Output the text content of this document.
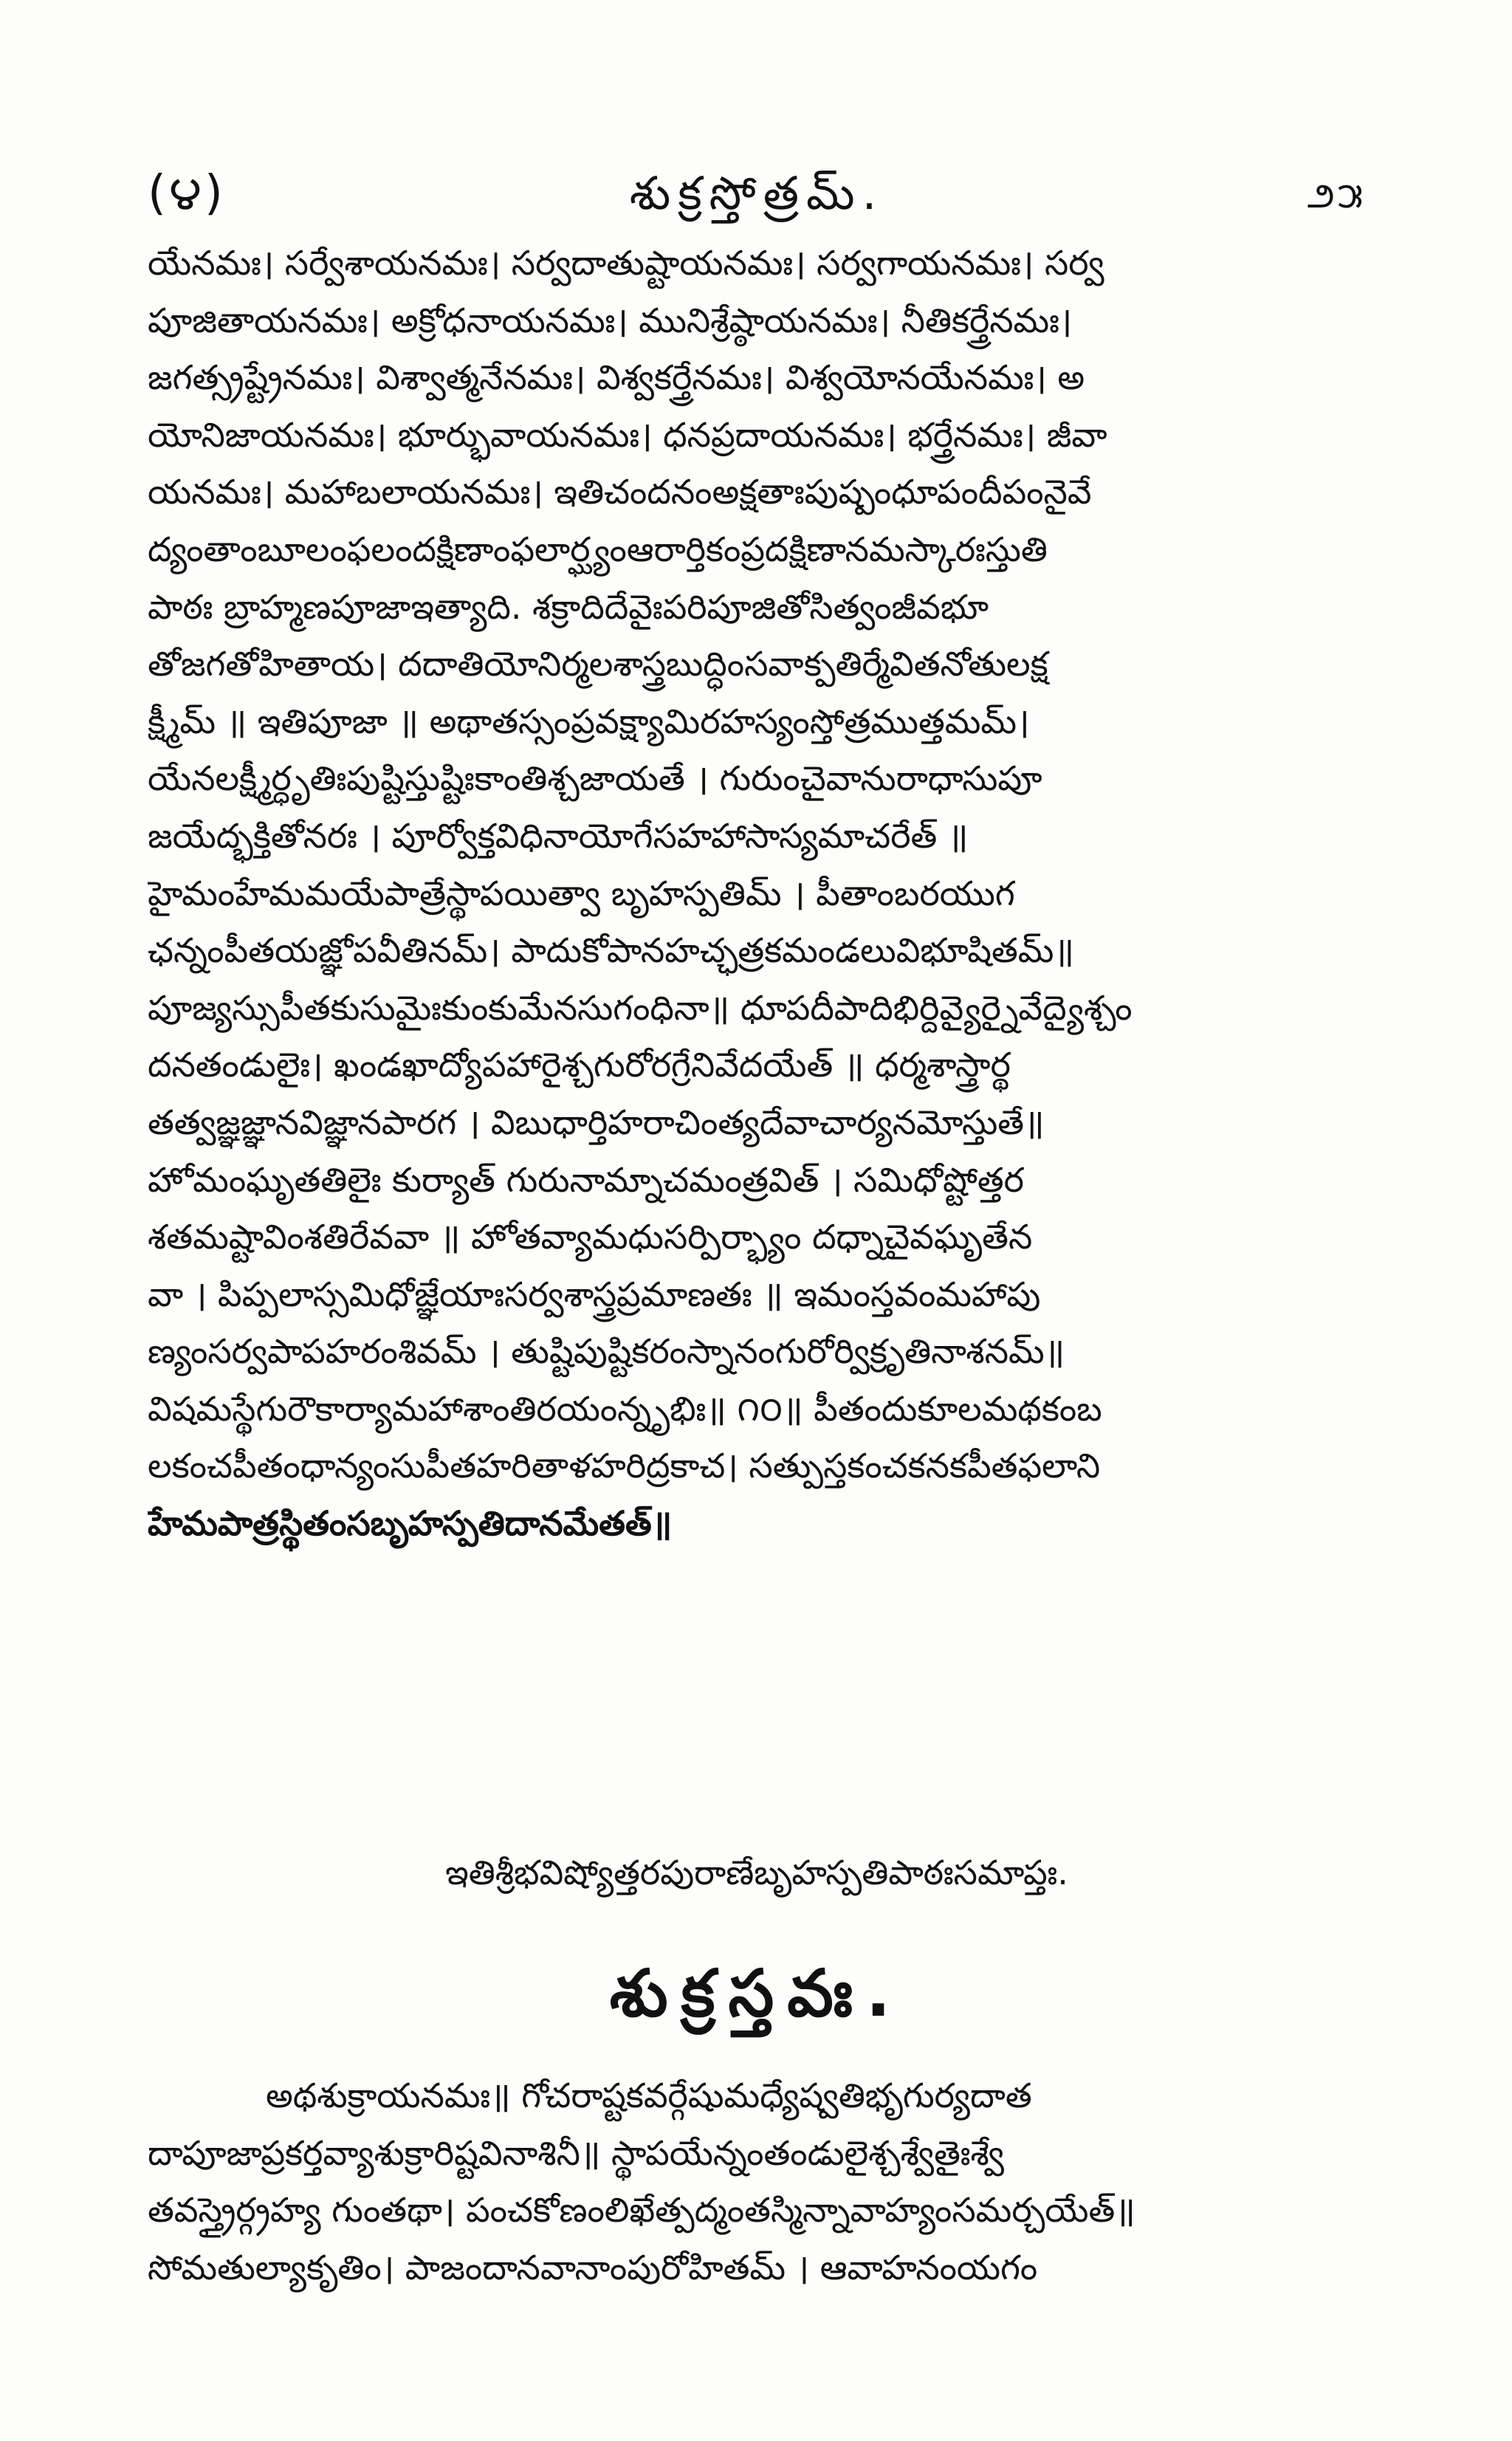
(౪)	శుక్రస్తోత్రమ్.	౨౫
యేనమః। సర్వేశాయనమః। సర్వదాతుష్టాయనమః। సర్వగాయనమః। సర్వ
పూజితాయనమః। అక్రోధనాయనమః। మునిశ్రేష్ఠాయనమః। నీతికర్త్రేనమః।
జగత్స్రష్ట్రేనమః। విశ్వాత్మనేనమః। విశ్వకర్త్రేనమః। విశ్వయోనయేనమః। అ
యోనిజాయనమః। భూర్భువాయనమః। ధనప్రదాయనమః। భర్త్రేనమః। జీవా
యనమః। మహాబలాయనమః। ఇతిచందనంఅక్షతాఃపుష్పంధూపందీపంనైవే
ద్యంతాంబూలంఫలందక్షిణాంఫలార్ఘ్యంఆరార్తికంప్రదక్షిణానమస్కారఃస్తుతి
పాఠః బ్రాహ్మణపూజాఇత్యాది. శక్రాదిదేవైఃపరిపూజితోసిత్వంజీవభూ
తోజగతోహితాయ। దదాతియోనిర్మలశాస్త్రబుద్ధింసవాక్పతిర్మేవితనోతులక్ష
క్ష్మీమ్ ॥ ఇతిపూజా ॥ అథాతస్సంప్రవక్ష్యామిరహస్యంస్తోత్రముత్తమమ్।
యేనలక్ష్మీర్ధృతిఃపుష్టిస్తుష్టిఃకాంతిశ్చజాయతే । గురుంచైవానురాధాసుపూ
జయేద్భక్తితోనరః । పూర్వోక్తవిధినాయోగేసహహాసాస్యమాచరేత్ ॥
హైమంహేమమయేపాత్రేస్థాపయిత్వా బృహస్పతిమ్ । పీతాంబరయుగ
ఛన్నంపీతయజ్ఞోపవీతినమ్। పాదుకోపానహచ్ఛత్రకమండలువిభూషితమ్॥
పూజ్యస్సుపీతకుసుమైఃకుంకుమేనసుగంధినా॥ ధూపదీపాదిభిర్దివ్యైర్నైవేద్యైశ్చం
దనతండులైః। ఖండఖాద్యోపహారైశ్చగురోరగ్రేనివేదయేత్ ॥ ధర్మశాస్త్రార్థ
తత్వజ్ఞజ్ఞానవిజ్ఞానపారగ । విబుధార్తిహరాచింత్యదేవాచార్యనమోస్తుతే॥
హోమంఘృతతిలైః కుర్యాత్ గురునామ్నాచమంత్రవిత్ । సమిధోష్టోత్తర
శతమష్టావింశతిరేవవా ॥ హోతవ్యామధుసర్పిర్భ్యాం దధ్నాచైవఘృతేన
వా । పిప్పలాస్సమిధోజ్ఞేయాఃసర్వశాస్త్రప్రమాణతః ॥ ఇమంస్తవంమహాపు
ణ్యంసర్వపాపహరంశివమ్ । తుష్టిపుష్టికరంస్నానంగురోర్విక్రృతినాశనమ్॥
విషమస్థేగురౌకార్యామహాశాంతిరయంన్నృభిః॥ ౧౦॥ పీతందుకూలమథకంబ
లకంచపీతంధాన్యంసుపీతహరితాళహరిద్రకాచ। సత్పుస్తకంచకనకపీతఫలాని
హేమపాత్రస్థితంసబృహస్పతిదానమేతత్॥
ఇతిశ్రీభవిష్యోత్తరపురాణేబృహస్పతిపాఠఃసమాప్తః.
శుక్రస్తవః.
అథశుక్రాయనమః॥ గోచరాష్టకవర్గేషుమధ్యేష్వతిభృగుర్యదాత
దాపూజాప్రకర్తవ్యాశుక్రారిష్టవినాశినీ॥ స్థాపయేన్నంతండులైశ్చశ్వేతైఃశ్వే
తవస్త్రైర్గ్రహ్య గుంతథా। పంచకోణంలిఖేత్పద్మంతస్మిన్నావాహ్యంసమర్చయేత్॥
సోమతుల్యాకృతిం। పాజందానవానాంపురోహితమ్ । ఆవాహనంయగం
